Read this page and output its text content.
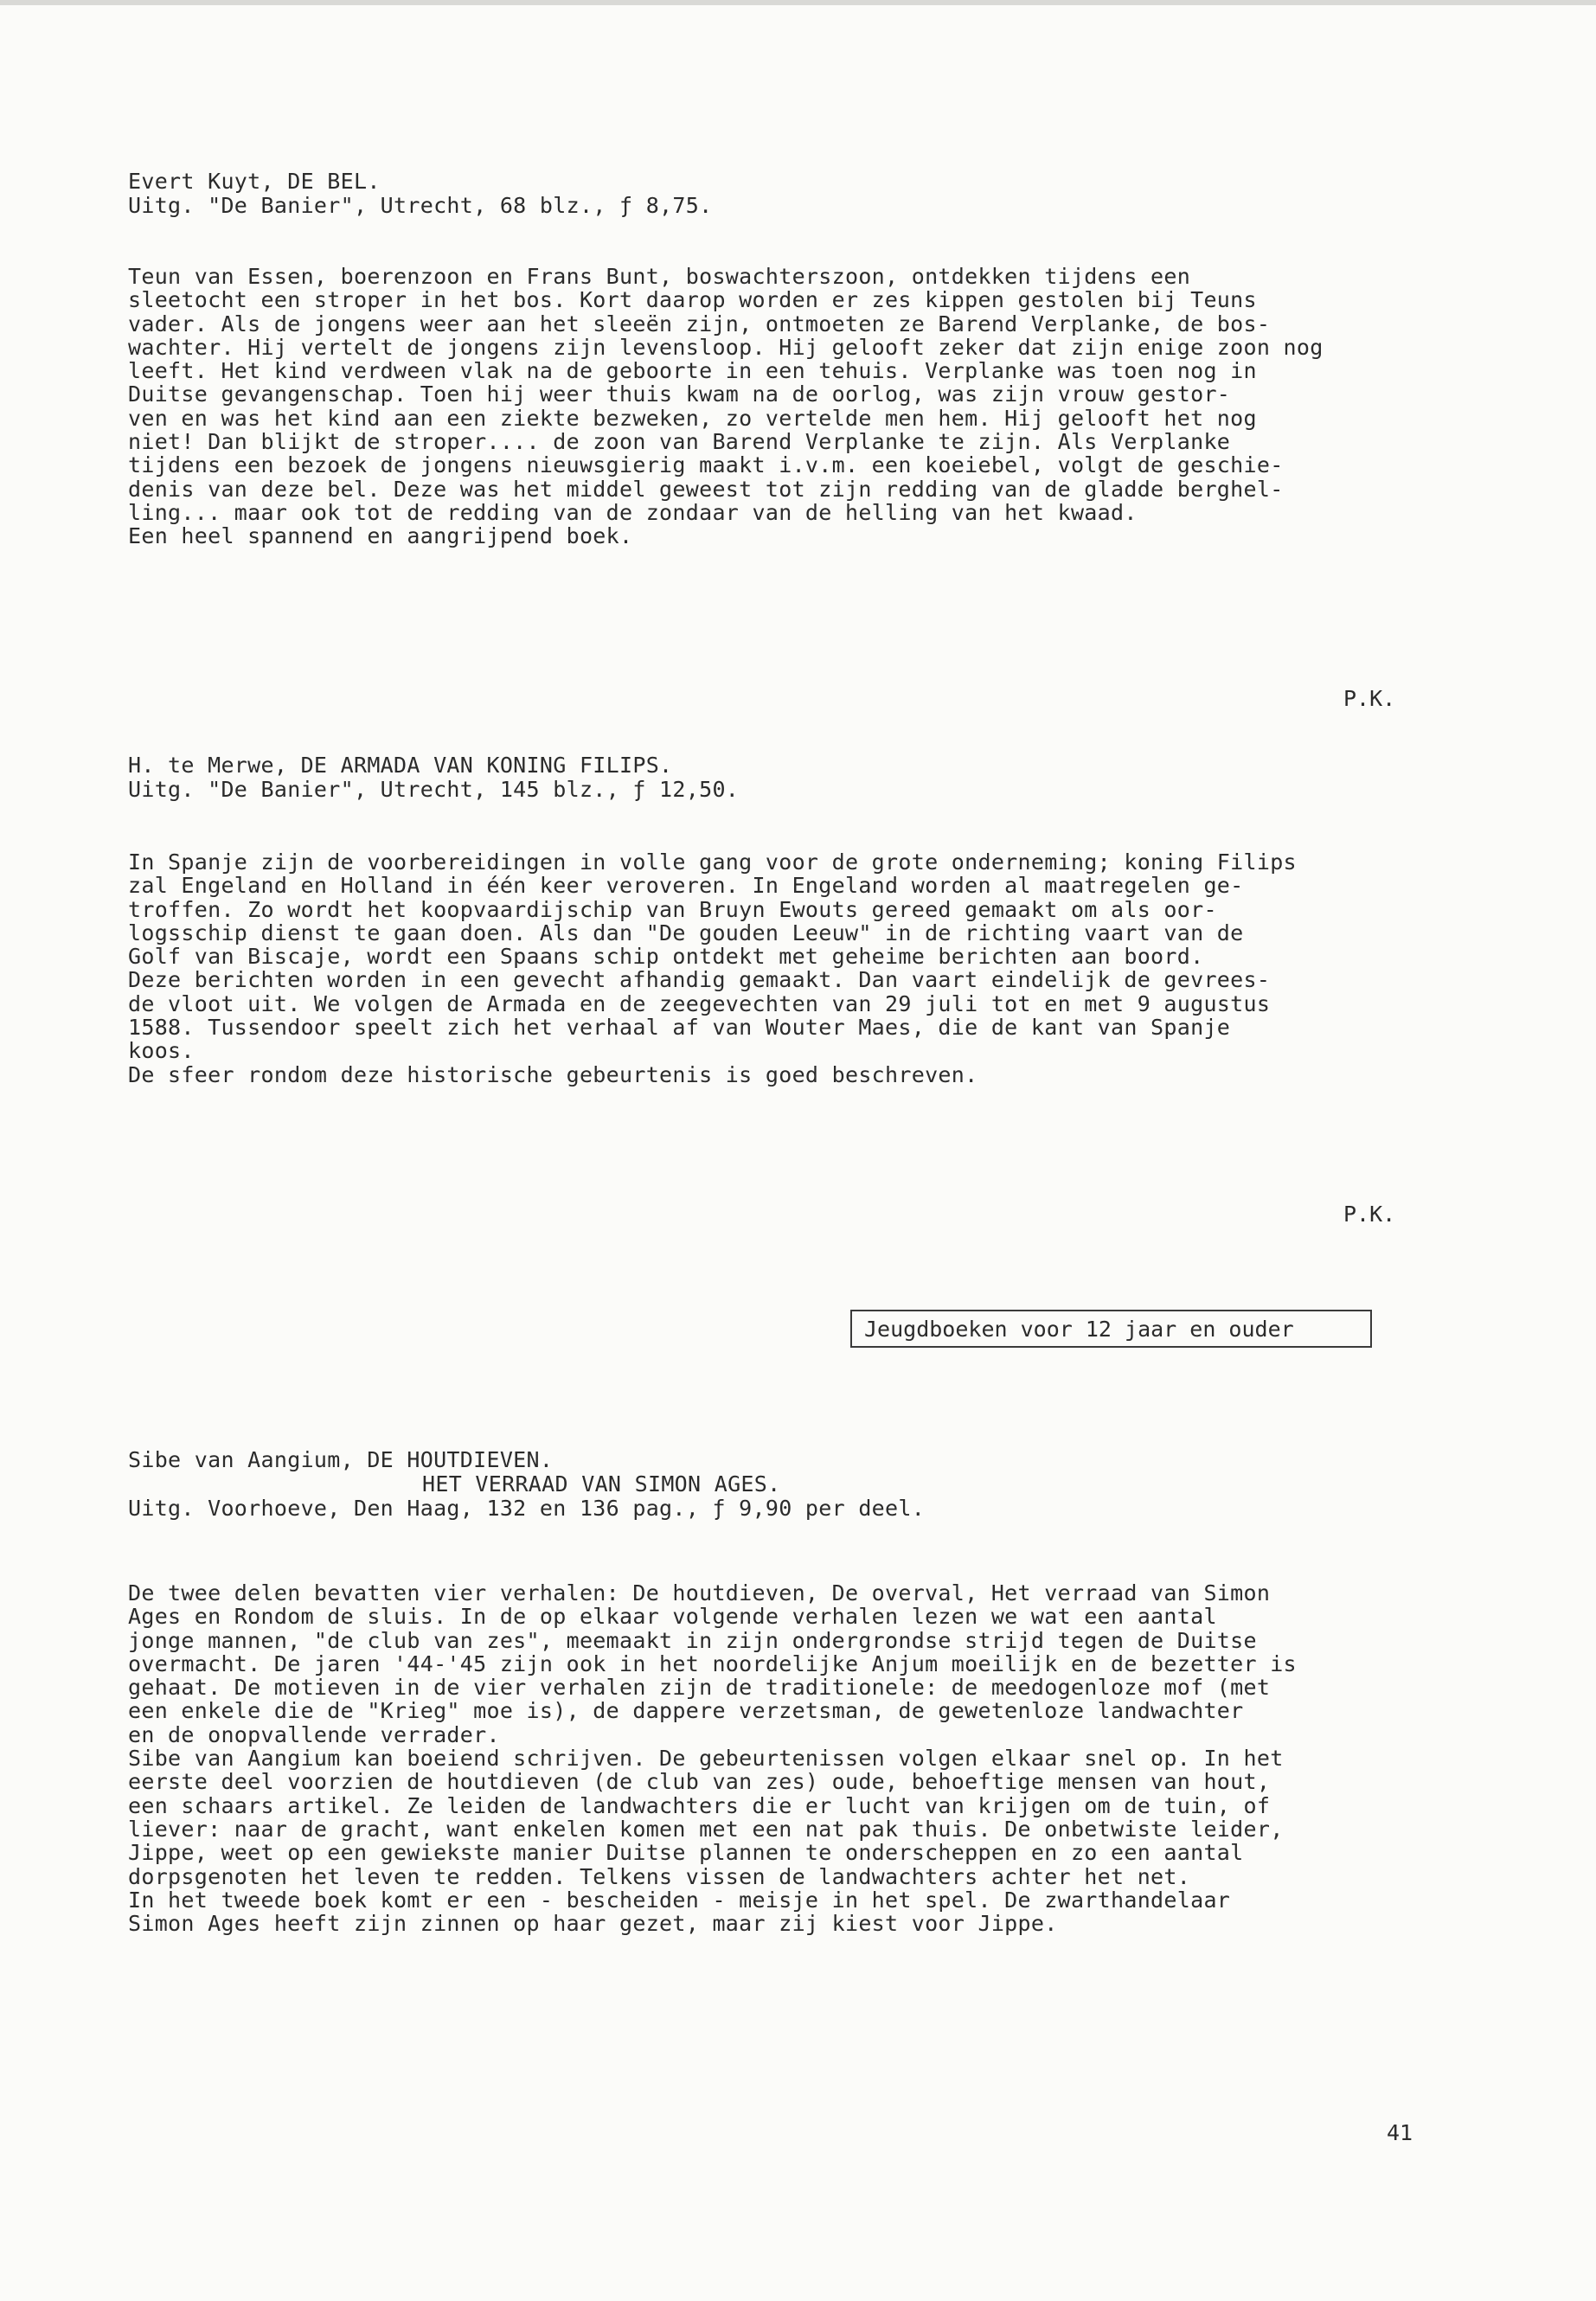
Evert Kuyt, DE BEL.
Uitg. "De Banier", Utrecht, 68 blz., ƒ 8,75.
Teun van Essen, boerenzoon en Frans Bunt, boswachterszoon, ontdekken tijdens een
sleetocht een stroper in het bos. Kort daarop worden er zes kippen gestolen bij Teuns
vader. Als de jongens weer aan het sleeën zijn, ontmoeten ze Barend Verplanke, de bos-
wachter. Hij vertelt de jongens zijn levensloop. Hij gelooft zeker dat zijn enige zoon nog
leeft. Het kind verdween vlak na de geboorte in een tehuis. Verplanke was toen nog in
Duitse gevangenschap. Toen hij weer thuis kwam na de oorlog, was zijn vrouw gestor-
ven en was het kind aan een ziekte bezweken, zo vertelde men hem. Hij gelooft het nog
niet! Dan blijkt de stroper.... de zoon van Barend Verplanke te zijn. Als Verplanke
tijdens een bezoek de jongens nieuwsgierig maakt i.v.m. een koeiebel, volgt de geschie-
denis van deze bel. Deze was het middel geweest tot zijn redding van de gladde berghel-
ling... maar ook tot de redding van de zondaar van de helling van het kwaad.
Een heel spannend en aangrijpend boek.
P.K.
H. te Merwe, DE ARMADA VAN KONING FILIPS.
Uitg. "De Banier", Utrecht, 145 blz., ƒ 12,50.
In Spanje zijn de voorbereidingen in volle gang voor de grote onderneming; koning Filips
zal Engeland en Holland in één keer veroveren. In Engeland worden al maatregelen ge-
troffen. Zo wordt het koopvaardijschip van Bruyn Ewouts gereed gemaakt om als oor-
logsschip dienst te gaan doen. Als dan "De gouden Leeuw" in de richting vaart van de
Golf van Biscaje, wordt een Spaans schip ontdekt met geheime berichten aan boord.
Deze berichten worden in een gevecht afhandig gemaakt. Dan vaart eindelijk de gevrees-
de vloot uit. We volgen de Armada en de zeegevechten van 29 juli tot en met 9 augustus
1588. Tussendoor speelt zich het verhaal af van Wouter Maes, die de kant van Spanje
koos.
De sfeer rondom deze historische gebeurtenis is goed beschreven.
P.K.
Jeugdboeken voor 12 jaar en ouder
Sibe van Aangium, DE HOUTDIEVEN.
HET VERRAAD VAN SIMON AGES.
Uitg. Voorhoeve, Den Haag, 132 en 136 pag., ƒ 9,90 per deel.
De twee delen bevatten vier verhalen: De houtdieven, De overval, Het verraad van Simon
Ages en Rondom de sluis. In de op elkaar volgende verhalen lezen we wat een aantal
jonge mannen, "de club van zes", meemaakt in zijn ondergrondse strijd tegen de Duitse
overmacht. De jaren '44-'45 zijn ook in het noordelijke Anjum moeilijk en de bezetter is
gehaat. De motieven in de vier verhalen zijn de traditionele: de meedogenloze mof (met
een enkele die de "Krieg" moe is), de dappere verzetsman, de gewetenloze landwachter
en de onopvallende verrader.
Sibe van Aangium kan boeiend schrijven. De gebeurtenissen volgen elkaar snel op. In het
eerste deel voorzien de houtdieven (de club van zes) oude, behoeftige mensen van hout,
een schaars artikel. Ze leiden de landwachters die er lucht van krijgen om de tuin, of
liever: naar de gracht, want enkelen komen met een nat pak thuis. De onbetwiste leider,
Jippe, weet op een gewiekste manier Duitse plannen te onderscheppen en zo een aantal
dorpsgenoten het leven te redden. Telkens vissen de landwachters achter het net.
In het tweede boek komt er een - bescheiden - meisje in het spel. De zwarthandelaar
Simon Ages heeft zijn zinnen op haar gezet, maar zij kiest voor Jippe.
41
